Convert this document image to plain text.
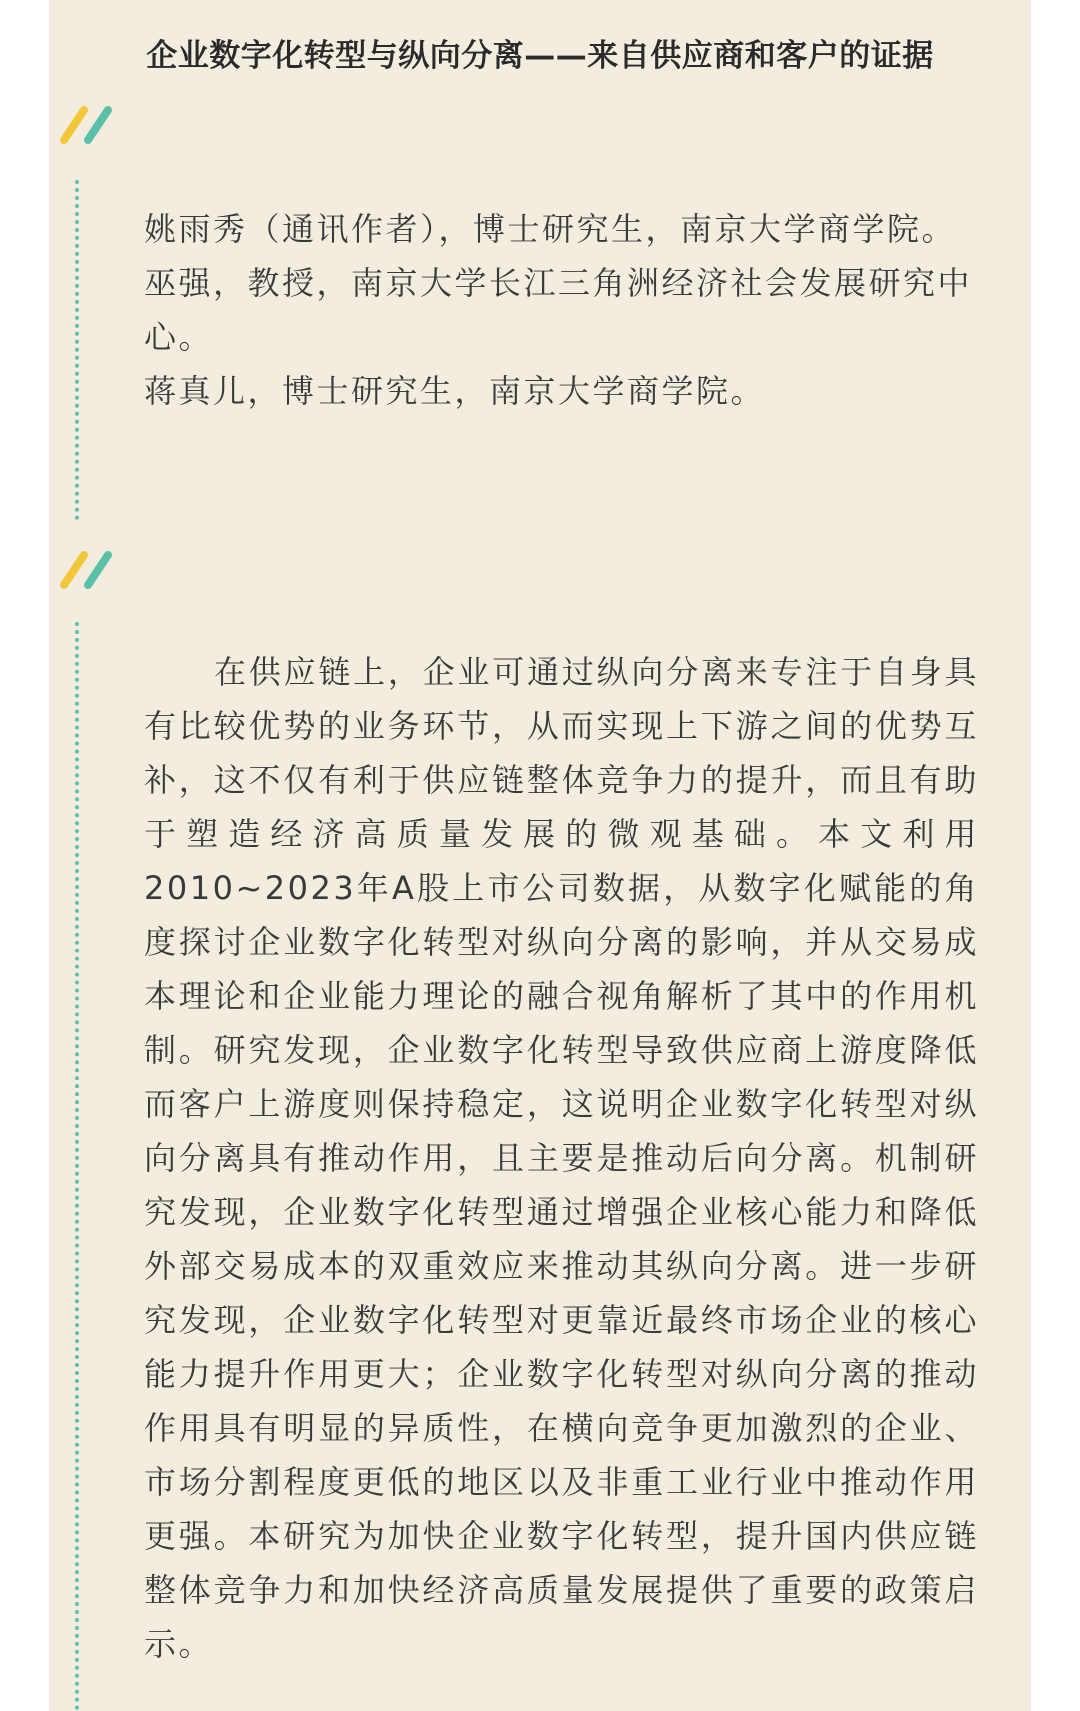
企业数字化转型与纵向分离——来自供应商和客户的证据

姚雨秀（通讯作者），博士研究生，南京大学商学院。

巫强，教授，南京大学长江三角洲经济社会发展研究中心。

蒋真儿，博士研究生，南京大学商学院。

在供应链上，企业可通过纵向分离来专注于自身具有比较优势的业务环节，从而实现上下游之间的优势互补，这不仅有利于供应链整体竞争力的提升，而且有助于塑造经济高质量发展的微观基础。本文利用2010~2023年A股上市公司数据，从数字化赋能的角度探讨企业数字化转型对纵向分离的影响，并从交易成本理论和企业能力理论的融合视角解析了其中的作用机制。研究发现，企业数字化转型导致供应商上游度降低而客户上游度则保持稳定，这说明企业数字化转型对纵向分离具有推动作用，且主要是推动后向分离。机制研究发现，企业数字化转型通过增强企业核心能力和降低外部交易成本的双重效应来推动其纵向分离。进一步研究发现，企业数字化转型对更靠近最终市场企业的核心能力提升作用更大；企业数字化转型对纵向分离的推动作用具有明显的异质性，在横向竞争更加激烈的企业、市场分割程度更低的地区以及非重工业行业中推动作用更强。本研究为加快企业数字化转型，提升国内供应链整体竞争力和加快经济高质量发展提供了重要的政策启示。
